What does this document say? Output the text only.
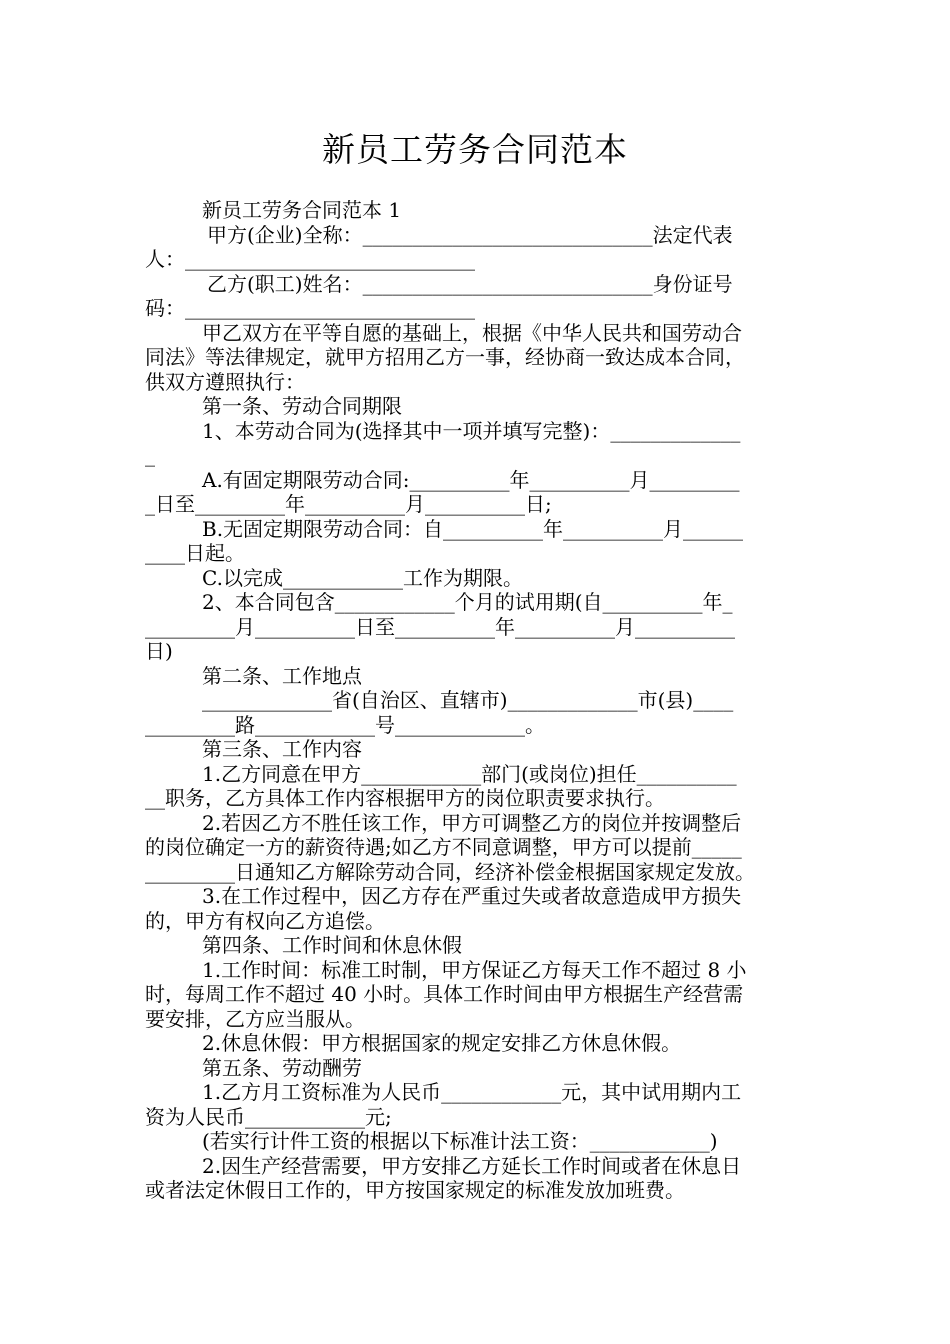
新员工劳务合同范本

新员工劳务合同范本 1

甲方(企业)全称：_____________________________法定代表

人：_____________________________

乙方(职工)姓名：_____________________________身份证号

码：_____________________________

甲乙双方在平等自愿的基础上，根据《中华人民共和国劳动合

同法》等法律规定，就甲方招用乙方一事，经协商一致达成本合同，

供双方遵照执行：

第一条、劳动合同期限

1、本劳动合同为(选择其中一项并填写完整)：_____________

_

A.有固定期限劳动合同:__________年__________月_________

_日至_________年__________月__________日;

B.无固定期限劳动合同：自__________年__________月______

____日起。

C.以完成____________工作为期限。

2、本合同包含____________个月的试用期(自__________年_

_________月__________日至__________年__________月__________

日)

第二条、工作地点

_____________省(自治区、直辖市)_____________市(县)____

_________路____________号_____________。

第三条、工作内容

1.乙方同意在甲方____________部门(或岗位)担任__________

__职务，乙方具体工作内容根据甲方的岗位职责要求执行。

2.若因乙方不胜任该工作，甲方可调整乙方的岗位并按调整后

的岗位确定一方的薪资待遇;如乙方不同意调整，甲方可以提前_____

_________日通知乙方解除劳动合同，经济补偿金根据国家规定发放。

3.在工作过程中，因乙方存在严重过失或者故意造成甲方损失

的，甲方有权向乙方追偿。

第四条、工作时间和休息休假

1.工作时间：标准工时制，甲方保证乙方每天工作不超过 8 小

时，每周工作不超过 40 小时。具体工作时间由甲方根据生产经营需

要安排，乙方应当服从。

2.休息休假：甲方根据国家的规定安排乙方休息休假。

第五条、劳动酬劳

1.乙方月工资标准为人民币____________元，其中试用期内工

资为人民币____________元;

(若实行计件工资的根据以下标准计法工资：____________)

2.因生产经营需要，甲方安排乙方延长工作时间或者在休息日

或者法定休假日工作的，甲方按国家规定的标准发放加班费。
